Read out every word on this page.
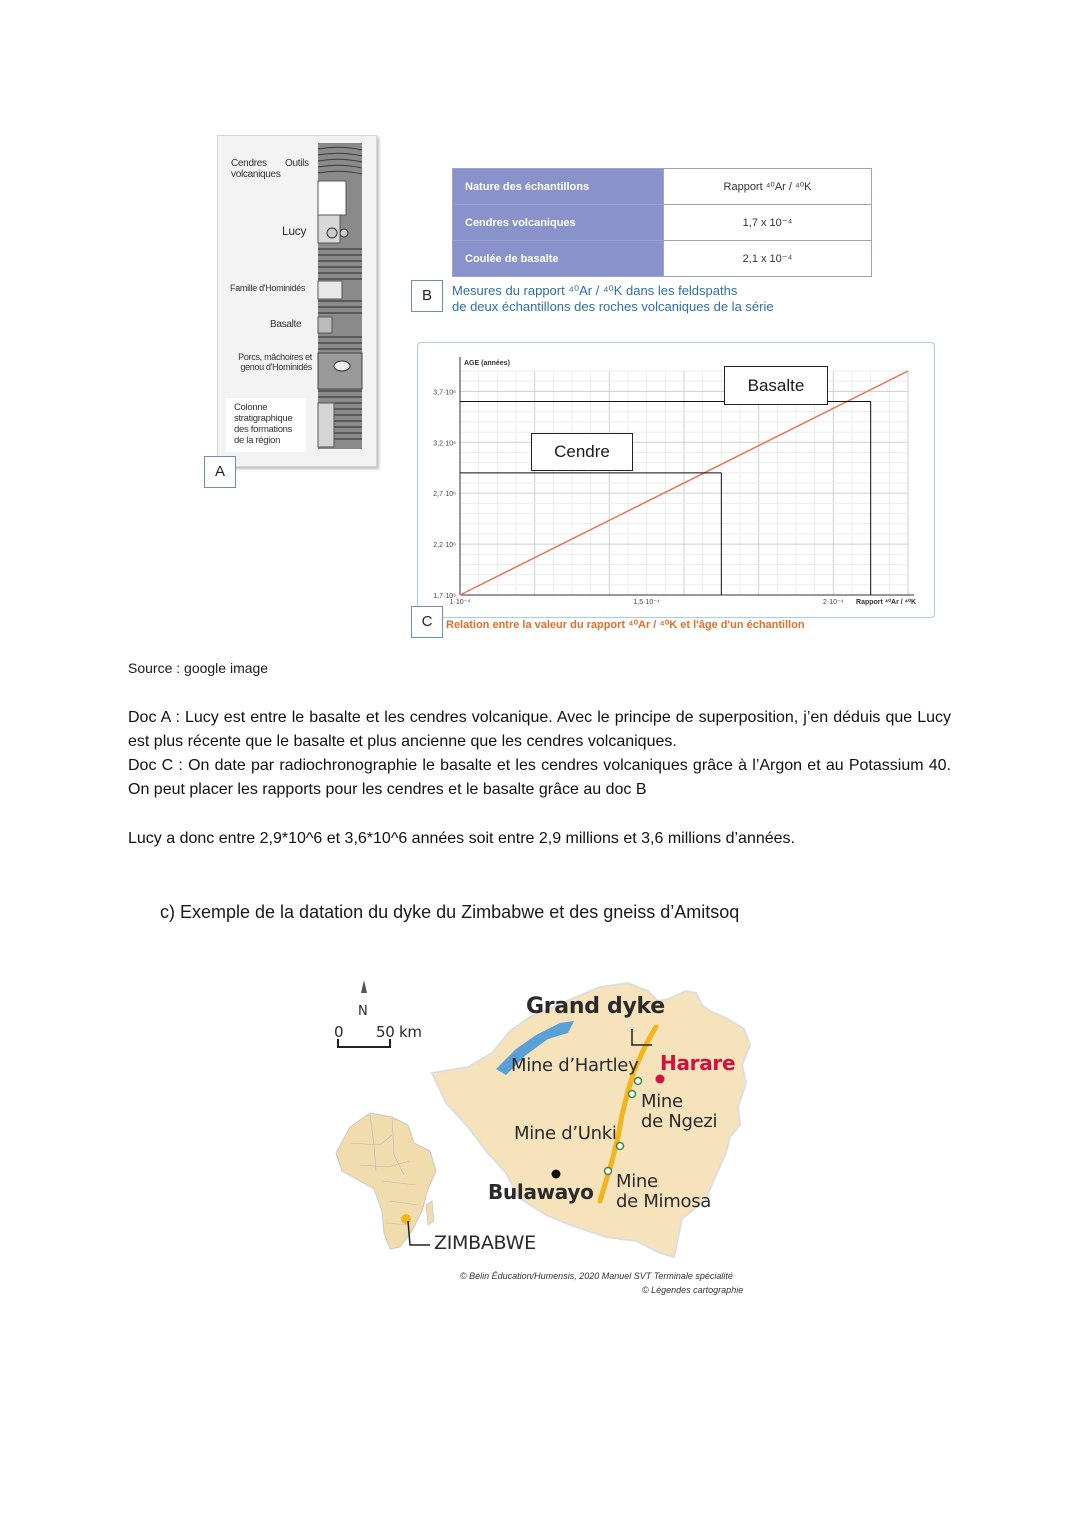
Cendres volcaniques
Outils
Lucy
Famille d'Hominidés
Basalte
Porcs, mâchoires et genou d'Hominidés
Colonne stratigraphique des formations de la région
A
Nature des échantillons	Rapport ⁴⁰Ar / ⁴⁰K
Cendres volcaniques	1,7 x 10⁻⁴
Coulée de basalte	2,1 x 10⁻⁴
B	Mesures du rapport ⁴⁰Ar / ⁴⁰K dans les feldspaths
de deux échantillons des roches volcaniques de la série
1,7·10⁶
2,2·10⁶
2,7·10⁶
3,2·10⁶
3,7·10⁶
1·10⁻⁴	1,5·10⁻⁴	2·10⁻⁴
AGE (années)
Rapport ⁴⁰Ar / ⁴⁰K
Cendre
Basalte
C	Relation entre la valeur du rapport ⁴⁰Ar / ⁴⁰K et l'âge d'un échantillon
Source : google image
Doc A : Lucy est entre le basalte et les cendres volcanique. Avec le principe de superposition, j’en déduis que Lucy est plus récente que le basalte et plus ancienne que les cendres volcaniques.
Doc C : On date par radiochronographie le basalte et les cendres volcaniques grâce à l’Argon et au Potassium 40. On peut placer les rapports pour les cendres et le basalte grâce au doc B
Lucy a donc entre 2,9*10^6 et 3,6*10^6 années soit entre 2,9 millions et 3,6 millions d’années.
c) Exemple de la datation du dyke du Zimbabwe et des gneiss d’Amitsoq
N
0 50 km
Grand dyke
Mine d’Hartley Harare
Mine
de Ngezi
Mine d’Unki
Bulawayo Mine
de Mimosa
ZIMBABWE
© Belin Éducation/Humensis, 2020 Manuel SVT Terminale spécialité
© Légendes cartographie
